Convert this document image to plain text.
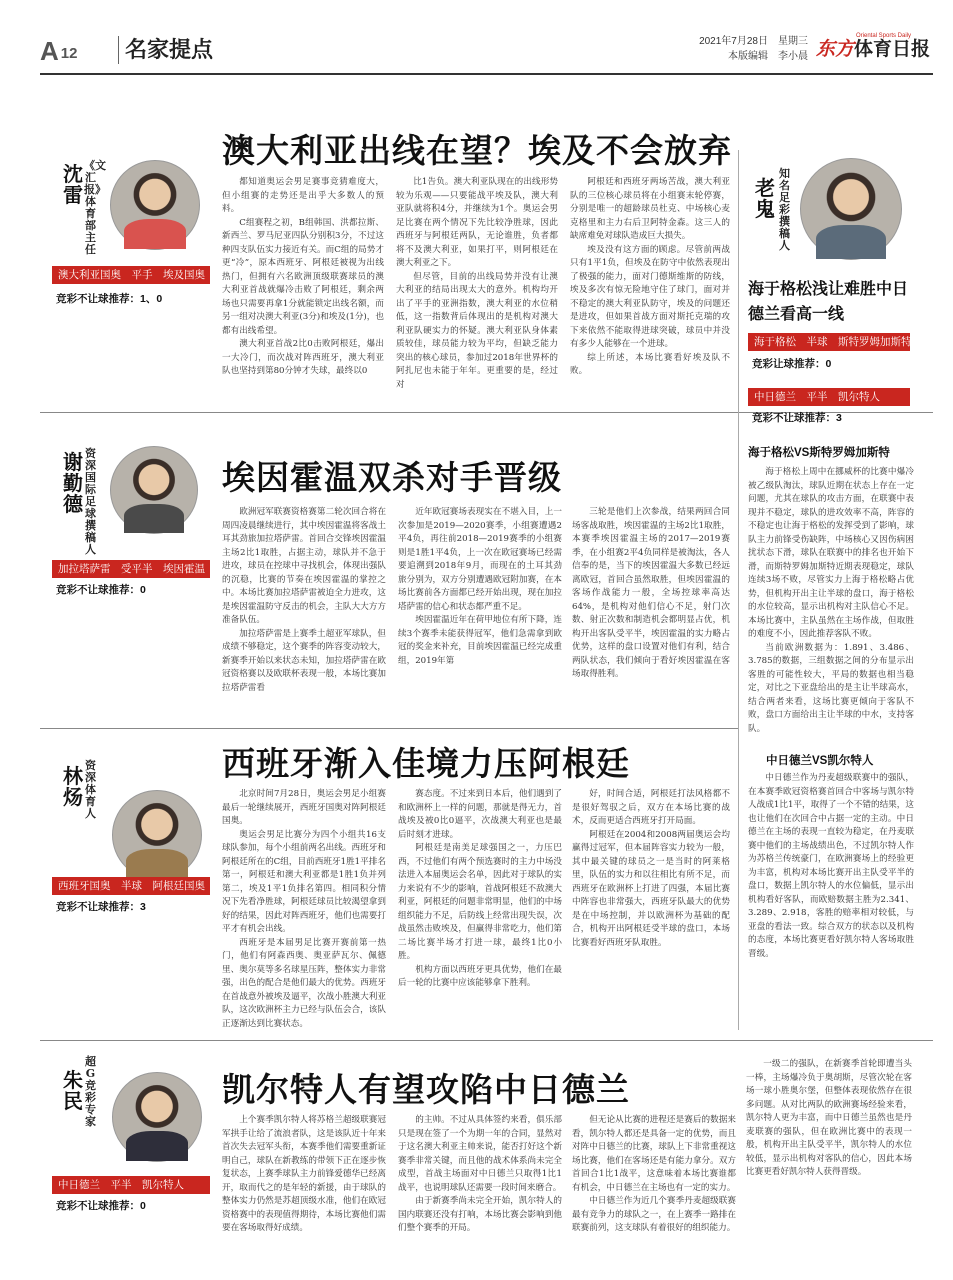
A 12	名家提点	2021年7月28日　星期三
本版编辑　李小晨
Oriental Sports Daily
东方体育日报
沈雷
《文汇报》体育部主任
澳大利亚国奥　平手　埃及国奥
竞彩不让球推荐：1、0
澳大利亚出线在望？埃及不会放弃

都知道奥运会男足赛事竞猜难度大，但小组赛的走势还是出乎大多数人的预料。

C组赛程之初，B组韩国、洪都拉斯、新西兰、罗马尼亚四队分别积3分，不过这种四支队伍实力接近有关。而C组的局势才更“冷”，原本西班牙、阿根廷被视为出线热门，但拥有六名欧洲顶级联赛球员的澳大利亚首战就爆冷击败了阿根廷，剩余两场也只需要再拿1分就能锁定出线名额，而另一组对决澳大利亚(3分)和埃及(1分)，也都有出线希望。

澳大利亚首战2比0击败阿根廷，爆出一大冷门，而次战对阵西班牙，澳大利亚队也坚持到第80分钟才失球，最终以0

比1告负。澳大利亚队现在的出线形势较为乐观——只要能战平埃及队，澳大利亚队就将积4分，并继续为1个。奥运会男足比赛在两个情况下先比较净胜球，因此西班牙与阿根廷两队，无论谁胜，负者都将不及澳大利亚，如果打平，则阿根廷在澳大利亚之下。

但尽管，目前的出线局势并没有让澳大利亚的结局出现太大的意外。机构均开出了平手的亚洲指数，澳大利亚的水位稍低，这一指数背后体现出的是机构对澳大利亚队硬实力的怀疑。澳大利亚队身体素质较佳，球员能力较为平均，但缺乏能力突出的核心球员，参加过2018年世界杯的阿扎尼也未能于年年。更重要的是，经过对

阿根廷和西班牙两场苦战，澳大利亚队的三位核心球员将在小组赛末轮停赛，分别是唯一的超龄球员杜克、中场核心麦克格里和主力右后卫阿特金森。这三人的缺席难免对球队造成巨大损失。

埃及没有这方面的顾虑。尽管前两战只有1平1负，但埃及在防守中依然表现出了极强的能力，面对门德斯维斯的防线，埃及多次有惊无险地守住了球门，面对并不稳定的澳大利亚队防守，埃及的问题还是进攻，但如果首战方面对斯托克瑞的攻下来依然不能取得进球突破，球员中并没有多少人能够在一个进球。

综上所述，本场比赛看好埃及队不败。

谢勤德
资深国际足球撰稿人
加拉塔萨雷　受平半　埃因霍温
竞彩不让球推荐：0
埃因霍温双杀对手晋级

欧洲冠军联赛资格赛第二轮次回合将在周四凌晨继续进行，其中埃因霍温将客战土耳其劲旅加拉塔萨雷。首回合交锋埃因霍温主场2比1取胜，占据主动，球队并不急于进攻，球员在控球中寻找机会，体现出强队的沉稳，比赛的节奏在埃因霍温的掌控之中。本场比赛加拉塔萨雷被迫全力进攻，这是埃因霍温防守反击的机会，主队大大方方准备队伍。

加拉塔萨雷是上赛季土超亚军球队，但成绩不够稳定，这个赛季的阵容变动较大，新赛季开始以来状态未知，加拉塔萨雷在欧冠资格赛以及欧联杯表现一般，本场比赛加拉塔萨雷看

近年欧冠赛场表现实在不堪入目，上一次参加是2019—2020赛季，小组赛遭遇2平4负，再往前2018—2019赛季的小组赛则是1胜1平4负，上一次在欧冠赛场已经需要追溯到2018年9月，而现在的土耳其劲旅分别为，双方分别遭遇欧冠附加赛，在本场比赛前各方面都已经开始出现，现在加拉塔萨雷的信心和状态都严重不足。

埃因霍温近年在荷甲地位有所下降，连续3个赛季未能获得冠军，他们急需拿到欧冠的奖金来补充，目前埃因霍温已经完成重组，2019年第

三轮是他们上次参战，结果两回合同场客战取胜，埃因霍温的主场2比1取胜，本赛季埃因霍温主场的2017—2019赛季，在小组赛2平4负同样是被淘汰，各人信奉的是，当下的埃因霍温大多数已经远离欧冠，首回合虽然取胜，但埃因霍温的客场作战能力一般，全场控球率高达64%，是机构对他们信心不足，射门次数、射正次数和制造机会都明显占优，机构开出客队受平半，埃因霍温的实力略占优势，这样的盘口设置对他们有利，结合两队状态，我们倾向于看好埃因霍温在客场取得胜利。

林炀
资深体育人
西班牙国奥　半球　阿根廷国奥
竞彩不让球推荐：3
西班牙渐入佳境力压阿根廷

北京时间7月28日，奥运会男足小组赛最后一轮继续展开，西班牙国奥对阵阿根廷国奥。

奥运会男足比赛分为四个小组共16支球队参加，每个小组前两名出线。西班牙和阿根廷所在的C组，目前西班牙1胜1平排名第一，阿根廷和澳大利亚都是1胜1负并列第二，埃及1平1负排名第四。相同积分情况下先看净胜球，阿根廷球员比较渴望拿到好的结果，因此对阵西班牙，他们也需要打平才有机会出线。

西班牙是本届男足比赛开赛前第一热门，他们有阿森西奥、奥亚萨瓦尔、佩德里、奥尔莫等多名球星压阵，整体实力非常强，出色的配合是他们最大的优势。西班牙在首战意外被埃及逼平，次战小胜澳大利亚队，这次欧洲杯主力已经与队伍会合，该队正逐渐达到比赛状态。

赛态度。不过来到日本后，他们遇到了和欧洲杯上一样的问题，那就是得无力，首战埃及被0比0逼平，次战澳大利亚也是最后时刻才进球。

阿根廷是南美足球强国之一，力压巴西，不过他们有两个预选赛时的主力中场没法进入本届奥运会名单，因此对于球队的实力来说有不少的影响，首战阿根廷不敌澳大利亚，阿根廷的问题非常明显，他们的中场组织能力不足，后防线上经常出现失误，次战虽然击败埃及，但赢得非常吃力，他们第二场比赛半场才打进一球，最终1比0小胜。

机构方面以西班牙更具优势，他们在最后一轮的比赛中应该能够拿下胜利。

好，时间合适，阿根廷打法风格都不是很好驾驭之后，双方在本场比赛的战术，反而更适合西班牙打开局面。

阿根廷在2004和2008两届奥运会均赢得过冠军，但本届阵容实力较为一般，其中最关键的球员之一是当时的阿莱格里，队伍的实力和以往相比有所不足，而西班牙在欧洲杯上打进了四强，本届比赛中阵容也非常强大，西班牙队最大的优势是在中场控制，并以欧洲杯为基础的配合，机构开出阿根廷受半球的盘口，本场比赛看好西班牙队取胜。

朱民
超G竞彩专家
中日德兰　平半　凯尔特人
竞彩不让球推荐：0
凯尔特人有望攻陷中日德兰

上个赛季凯尔特人将苏格兰超级联赛冠军拱手让给了流浪者队，这是该队近十年来首次失去冠军头衔，本赛季他们需要重新证明自己，球队在新教练的带领下正在逐步恢复状态，上赛季球队主力前锋爱德华已经离开，取而代之的是年轻的新援，由于球队的整体实力仍然是苏超顶级水准，他们在欧冠资格赛中的表现值得期待，本场比赛他们需要在客场取得好成绩。

的主帅。不过从具体签约来看，俱乐部只是现在签了一个为期一年的合同，显然对于这名澳大利亚主帅来说，能否打好这个新赛季非常关键，而且他的战术体系尚未完全成型，首战主场面对中日德兰只取得1比1战平，也说明球队还需要一段时间来磨合。

由于新赛季尚未完全开始，凯尔特人的国内联赛还没有打响，本场比赛会影响到他们整个赛季的开局。

但无论从比赛的进程还是赛后的数据来看，凯尔特人都还是具备一定的优势，而且对阵中日德兰的比赛，球队上下非常重视这场比赛，他们在客场还是有能力拿分。双方首回合1比1战平，这意味着本场比赛谁都有机会，中日德兰在主场也有一定的实力。

中日德兰作为近几个赛季丹麦超级联赛最有竞争力的球队之一，在上赛季一路排在联赛前列，这支球队有着很好的组织能力。

一级二的强队，在新赛季首轮即遭当头一棒，主场爆冷负于奥胡斯，尽管次轮在客场一球小胜奥尔堡，但整体表现依然存在很多问题。从对比两队的欧洲赛场经验来看，凯尔特人更为丰富，而中日德兰虽然也是丹麦联赛的强队，但在欧洲比赛中的表现一般，机构开出主队受平半，凯尔特人的水位较低，显示出机构对客队的信心，因此本场比赛更看好凯尔特人获得晋级。

老鬼
知名足彩撰稿人
海于格松浅让难胜中日德兰看高一线
海于格松　半球　斯特罗姆加斯特
竞彩让球推荐：0
中日德兰　平半　凯尔特人
竞彩不让球推荐：3
海于格松VS斯特罗姆加斯特

海于格松上周中在挪威杯的比赛中爆冷被乙级队淘汰，球队近期在状态上存在一定问题，尤其在球队的攻击方面，在联赛中表现并不稳定，球队的进攻效率不高，阵容的不稳定也让海于格松的发挥受到了影响，球队主力前锋受伤缺阵，中场核心又因伤病困扰状态下滑，球队在联赛中的排名也开始下滑，而斯特罗姆加斯特近期表现稳定，球队连续3场不败，尽管实力上海于格松略占优势，但机构开出主让半球的盘口，海于格松的水位较高，显示出机构对主队信心不足。本场比赛中，主队虽然在主场作战，但取胜的难度不小，因此推荐客队不败。

当前欧洲数据为：1.891、3.486、3.785的数据，三组数据之间的分布显示出客胜的可能性较大，平局的数据也相当稳定，对比之下亚盘给出的是主让半球高水，结合两者来看，这场比赛更倾向于客队不败，盘口方面给出主让半球的中水，支持客队。

中日德兰VS凯尔特人

中日德兰作为丹麦超级联赛中的强队，在本赛季欧冠资格赛首回合中客场与凯尔特人战成1比1平，取得了一个不错的结果，这也让他们在次回合中占据一定的主动。中日德兰在主场的表现一直较为稳定，在丹麦联赛中他们的主场战绩出色，不过凯尔特人作为苏格兰传统豪门，在欧洲赛场上的经验更为丰富，机构对本场比赛开出主队受平半的盘口，数据上凯尔特人的水位偏低，显示出机构看好客队，而欧赔数据主胜为2.341、3.289、2.918，客胜的赔率相对较低，与亚盘的看法一致。综合双方的状态以及机构的态度，本场比赛更看好凯尔特人客场取胜晋级。
